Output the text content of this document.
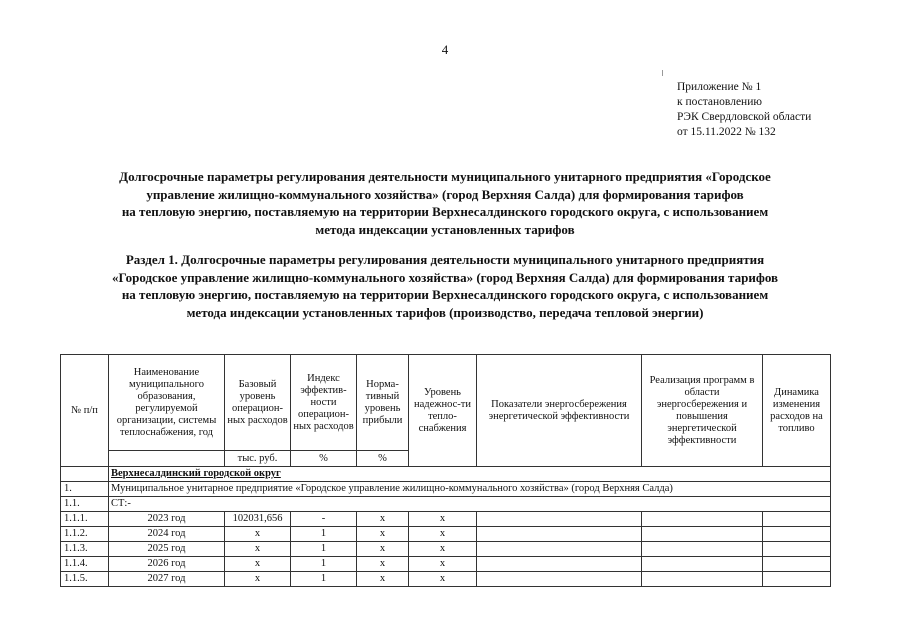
4
Приложение № 1
к постановлению
РЭК Свердловской области
от 15.11.2022 № 132
Долгосрочные параметры регулирования деятельности муниципального унитарного предприятия «Городское
управление жилищно-коммунального хозяйства» (город Верхняя Салда) для формирования тарифов
на тепловую энергию, поставляемую на территории Верхнесалдинского городского округа, с использованием
метода индексации установленных тарифов
Раздел 1. Долгосрочные параметры регулирования деятельности муниципального унитарного предприятия
«Городское управление жилищно-коммунального хозяйства» (город Верхняя Салда) для формирования тарифов
на тепловую энергию, поставляемую на территории Верхнесалдинского городского округа, с использованием
метода индексации установленных тарифов (производство, передача тепловой энергии)
№ п/п	Наименование муниципального образования, регулируемой организации, системы теплоснабжения, год	Базовый уровень операцион-ных расходов	Индекс эффектив-ности операцион-ных расходов	Норма-тивный уровень прибыли	Уровень надежнос-ти тепло-снабжения	Показатели энергосбережения энергетической эффективности	Реализация программ в области энергосбережения и повышения энергетической эффективности	Динамика изменения расходов на топливо
		тыс. руб.	%	%				
	Верхнесалдинский городской округ							
1.	Муниципальное унитарное предприятие «Городское управление жилищно-коммунального хозяйства» (город Верхняя Салда)							
1.1.	СТ:-							
1.1.1.	2023 год	102031,656	-	х	х			
1.1.2.	2024 год	х	1	х	х			
1.1.3.	2025 год	х	1	х	х			
1.1.4.	2026 год	х	1	х	х			
1.1.5.	2027 год	х	1	х	х			
